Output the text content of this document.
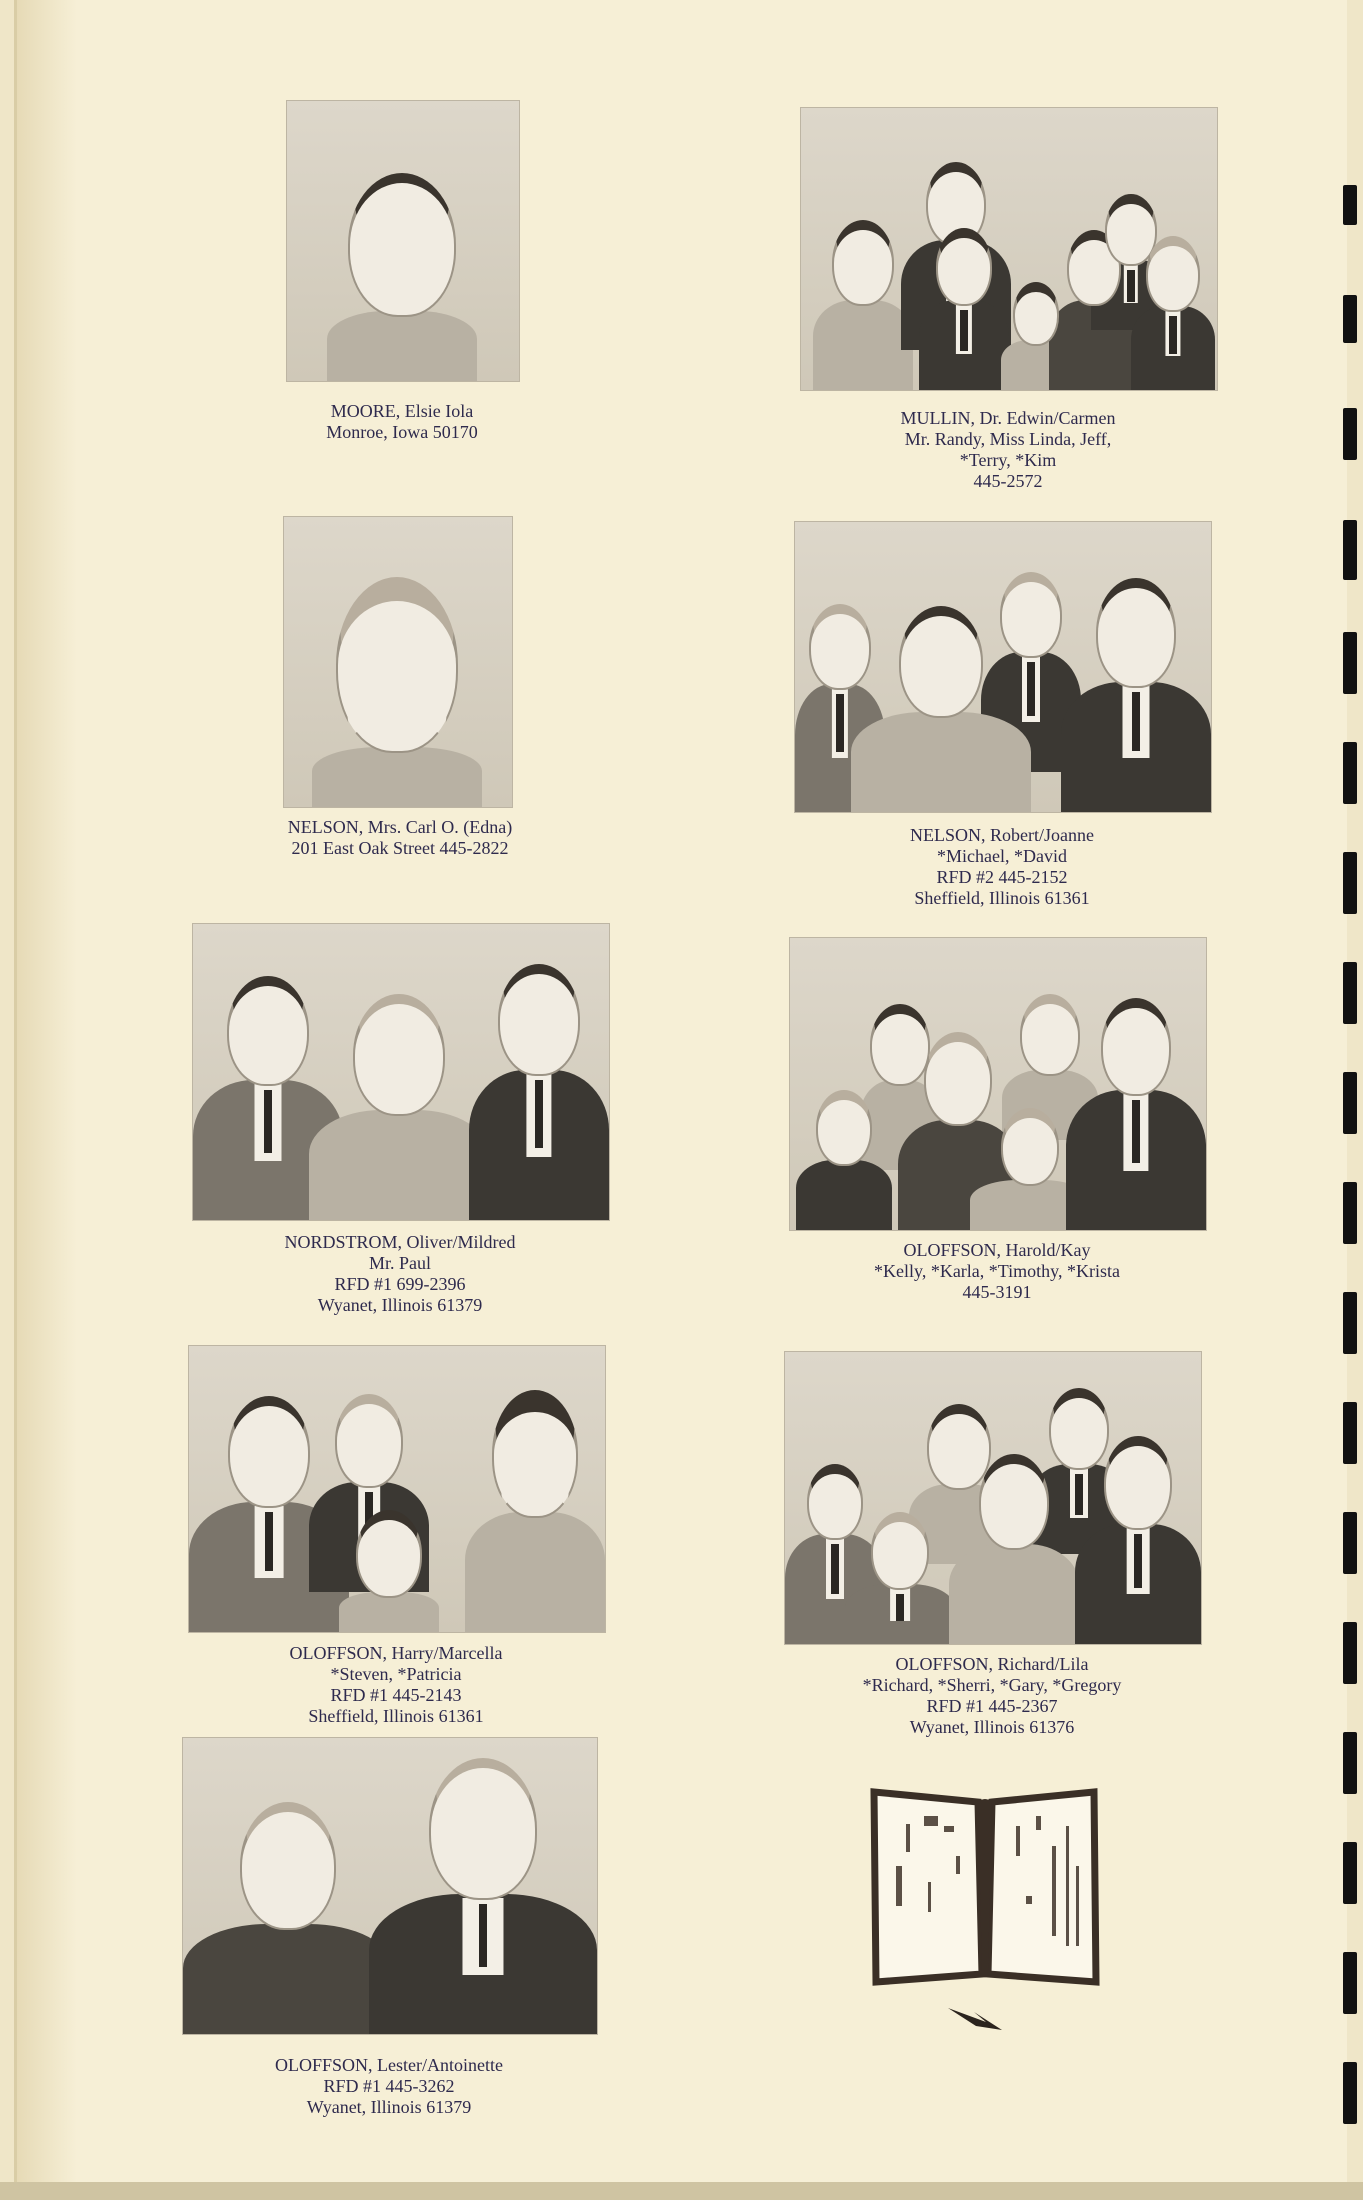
MOORE, Elsie Iola
Monroe, Iowa 50170
MULLIN, Dr. Edwin/Carmen
Mr. Randy, Miss Linda, Jeff,
*Terry, *Kim
445-2572
NELSON, Mrs. Carl O. (Edna)
201 East Oak Street 445-2822
NELSON, Robert/Joanne
*Michael, *David
RFD #2 445-2152
Sheffield, Illinois 61361
NORDSTROM, Oliver/Mildred
Mr. Paul
RFD #1 699-2396
Wyanet, Illinois 61379
OLOFFSON, Harold/Kay
*Kelly, *Karla, *Timothy, *Krista
445-3191
OLOFFSON, Harry/Marcella
*Steven, *Patricia
RFD #1 445-2143
Sheffield, Illinois 61361
OLOFFSON, Richard/Lila
*Richard, *Sherri, *Gary, *Gregory
RFD #1 445-2367
Wyanet, Illinois 61376
OLOFFSON, Lester/Antoinette
RFD #1 445-3262
Wyanet, Illinois 61379
